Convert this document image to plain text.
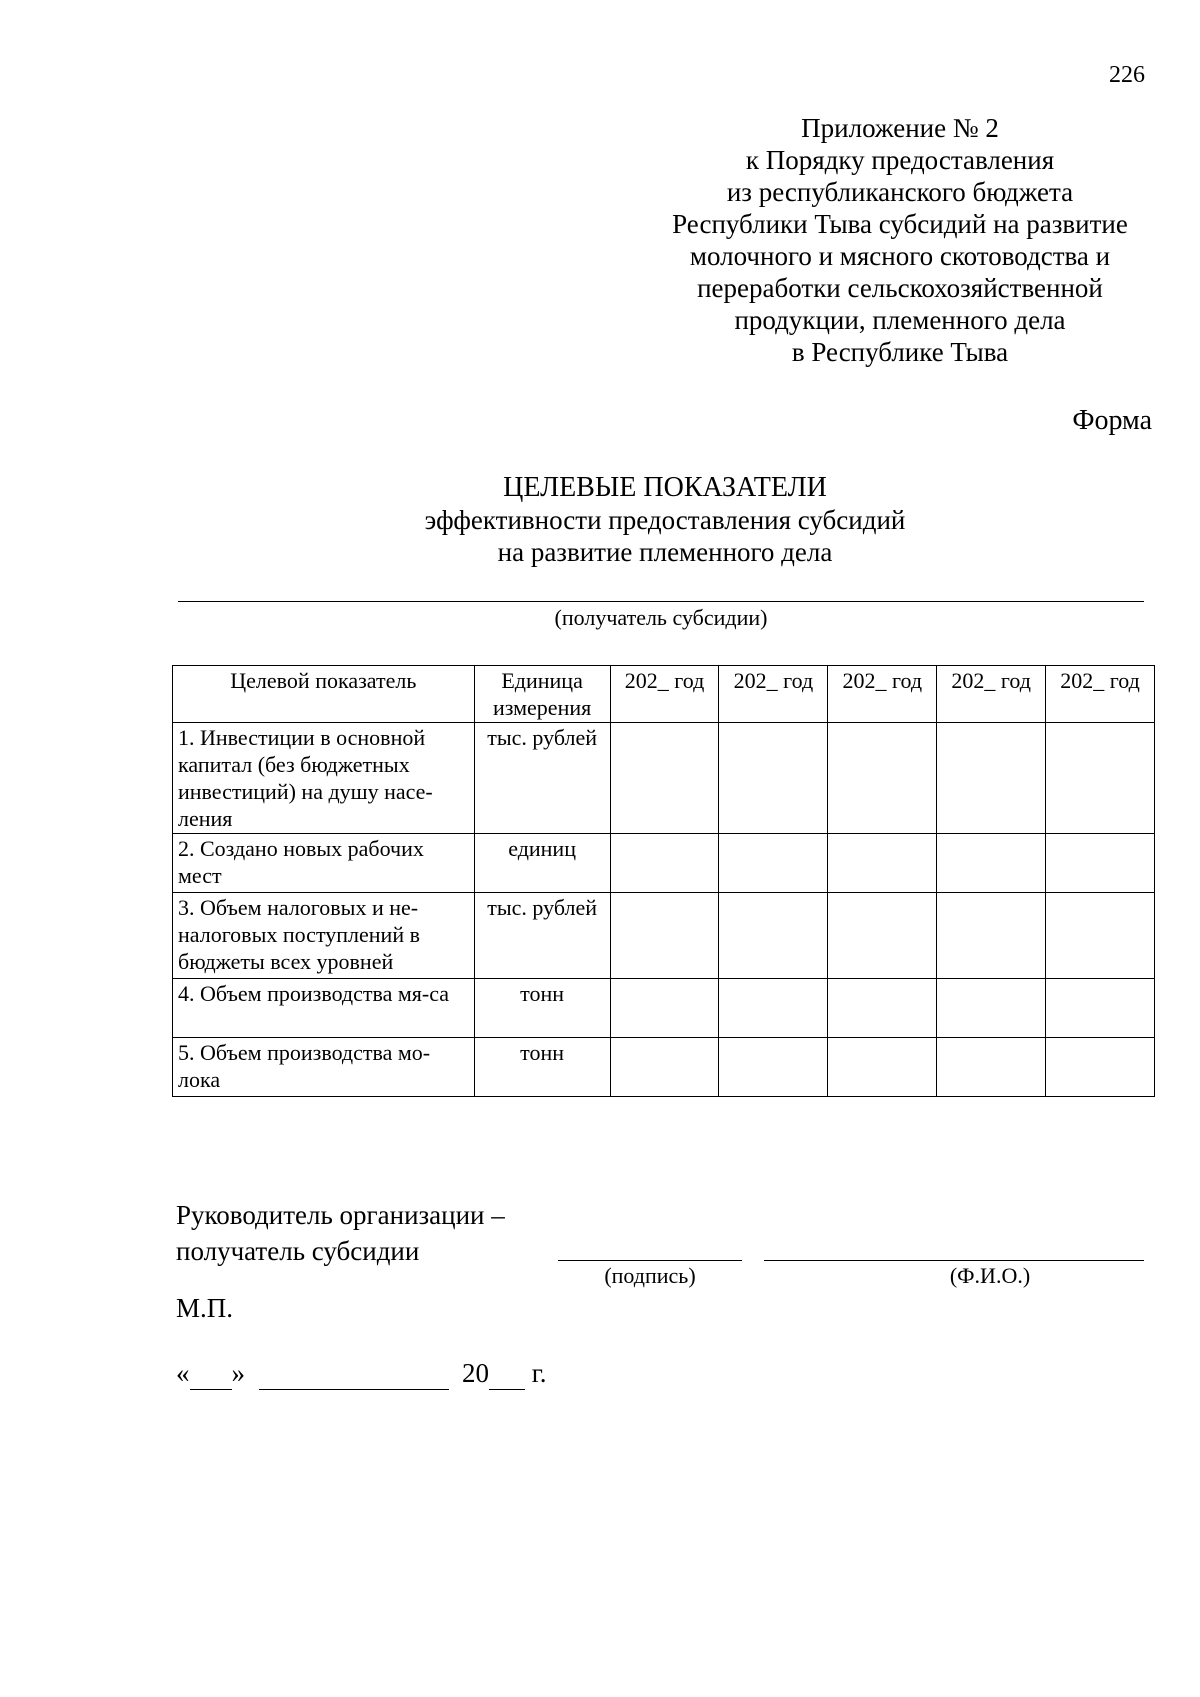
226
Приложение № 2
к Порядку предоставления
из республиканского бюджета
Республики Тыва субсидий на развитие
молочного и мясного скотоводства и
переработки сельскохозяйственной
продукции, племенного дела
в Республике Тыва
Форма
ЦЕЛЕВЫЕ ПОКАЗАТЕЛИ
эффективности предоставления субсидий
на развитие племенного дела
(получатель субсидии)
Целевой показатель	Единица измерения	202_ год	202_ год	202_ год	202_ год	202_ год
1. Инвестиции в основной капитал (без бюджетных инвестиций) на душу насе-ления	тыс. рублей					
2. Создано новых рабочих мест	единиц					
3. Объем налоговых и не-налоговых поступлений в бюджеты всех уровней	тыс. рублей					
4. Объем производства мя-са	тонн					
5. Объем производства мо-лока	тонн					
Руководитель организации –
получатель субсидии
(подпись)	(Ф.И.О.)
М.П.
« »	20 г.
